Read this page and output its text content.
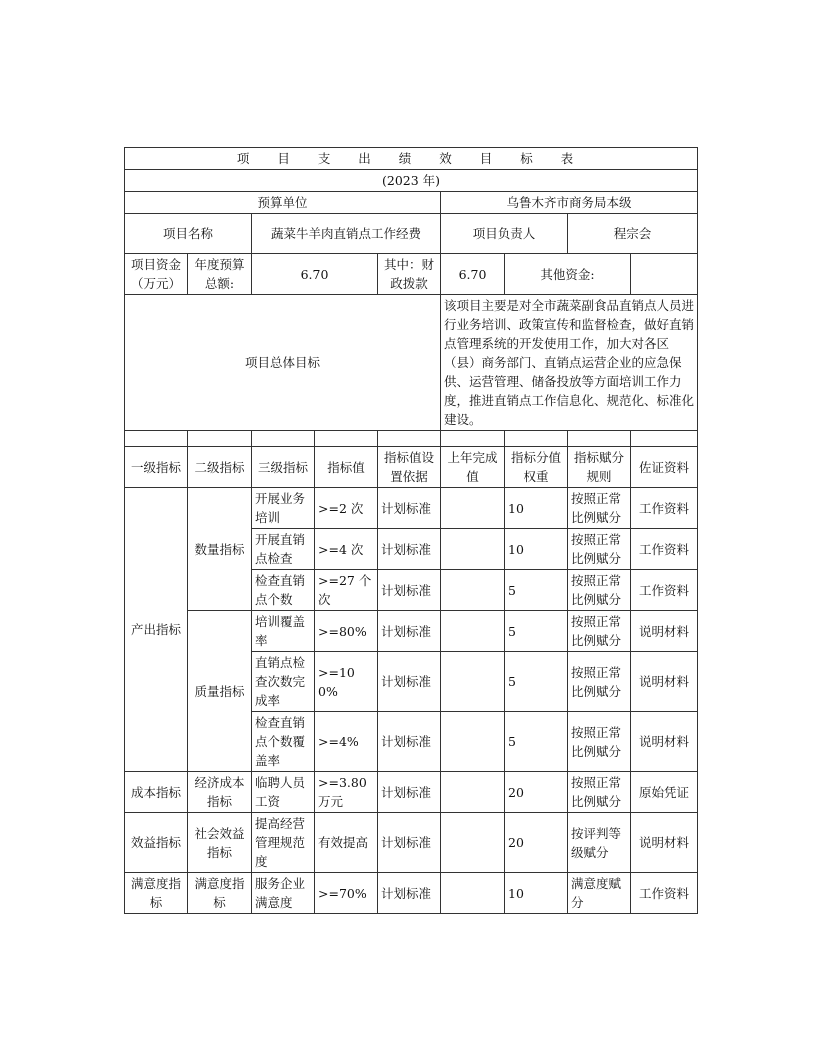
项 目 支 出 绩 效 目 标 表								
(2023 年)								
预算单位					乌鲁木齐市商务局本级			
项目名称		蔬菜牛羊肉直销点工作经费			项目负责人		程宗会	
项目资金（万元）	年度预算总额:	6.70		其中：财政拨款	6.70	其他资金:		
项目总体目标					该项目主要是对全市蔬菜副食品直销点人员进行业务培训、政策宣传和监督检查，做好直销点管理系统的开发使用工作，加大对各区（县）商务部门、直销点运营企业的应急保供、运营管理、储备投放等方面培训工作力度，推进直销点工作信息化、规范化、标准化建设。			

一级指标	二级指标	三级指标	指标值	指标值设置依据	上年完成值	指标分值权重	指标赋分规则	佐证资料
产出指标	数量指标	开展业务培训	>=2 次	计划标准		10	按照正常比例赋分	工作资料
		开展直销点检查	>=4 次	计划标准		10	按照正常比例赋分	工作资料
		检查直销点个数	>=27 个次	计划标准		5	按照正常比例赋分	工作资料
	质量指标	培训覆盖率	>=80%	计划标准		5	按照正常比例赋分	说明材料
		直销点检查次数完成率	>=100%	计划标准		5	按照正常比例赋分	说明材料
		检查直销点个数覆盖率	>=4%	计划标准		5	按照正常比例赋分	说明材料
成本指标	经济成本指标	临聘人员工资	>=3.80 万元	计划标准		20	按照正常比例赋分	原始凭证
效益指标	社会效益指标	提高经营管理规范度	有效提高	计划标准		20	按评判等级赋分	说明材料
满意度指标	满意度指标	服务企业满意度	>=70%	计划标准		10	满意度赋分	工作资料
